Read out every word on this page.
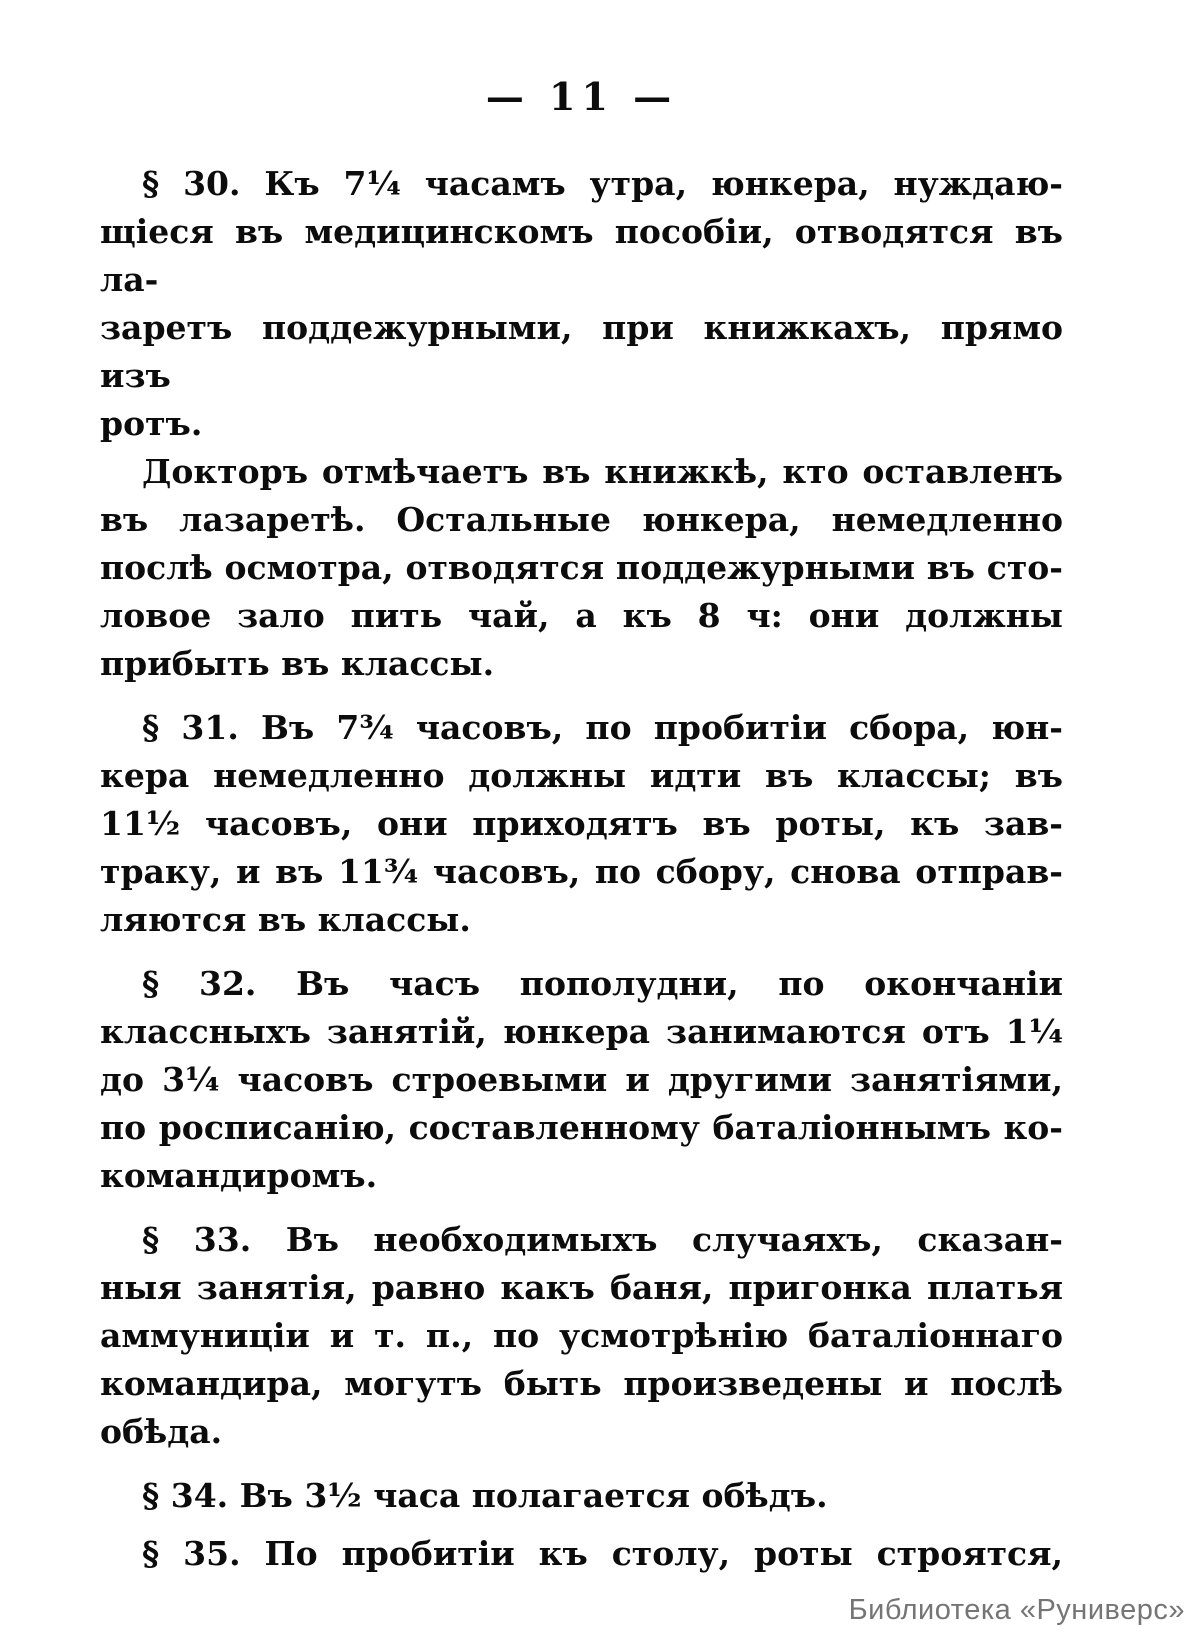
— 11 —
§ 30. Къ 7¼ часамъ утра, юнкера, нуждаю-
щіеся въ медицинскомъ пособіи, отводятся въ ла-
заретъ поддежурными, при книжкахъ, прямо изъ
ротъ.
Докторъ отмѣчаетъ въ книжкѣ, кто оставленъ
въ лазаретѣ. Остальные юнкера, немедленно
послѣ осмотра, отводятся поддежурными въ сто-
ловое зало пить чай, а къ 8 ч: они должны
прибыть въ классы.
§ 31. Въ 7¾ часовъ, по пробитіи сбора, юн-
кера немедленно должны идти въ классы; въ
11½ часовъ, они приходятъ въ роты, къ зав-
траку, и въ 11¾ часовъ, по сбору, снова отправ-
ляются въ классы.
§ 32. Въ часъ пополудни, по окончаніи
классныхъ занятій, юнкера занимаются отъ 1¼
до 3¼ часовъ строевыми и другими занятіями,
по росписанію, составленному баталіоннымъ ко-
командиромъ.
§ 33. Въ необходимыхъ случаяхъ, сказан-
ныя занятія, равно какъ баня, пригонка платья
аммуниціи и т. п., по усмотрѣнію баталіоннаго
командира, могутъ быть произведены и послѣ
обѣда.
§ 34. Въ 3½ часа полагается обѣдъ.
§ 35. По пробитіи къ столу, роты строятся,
Библиотека «Руниверс»
